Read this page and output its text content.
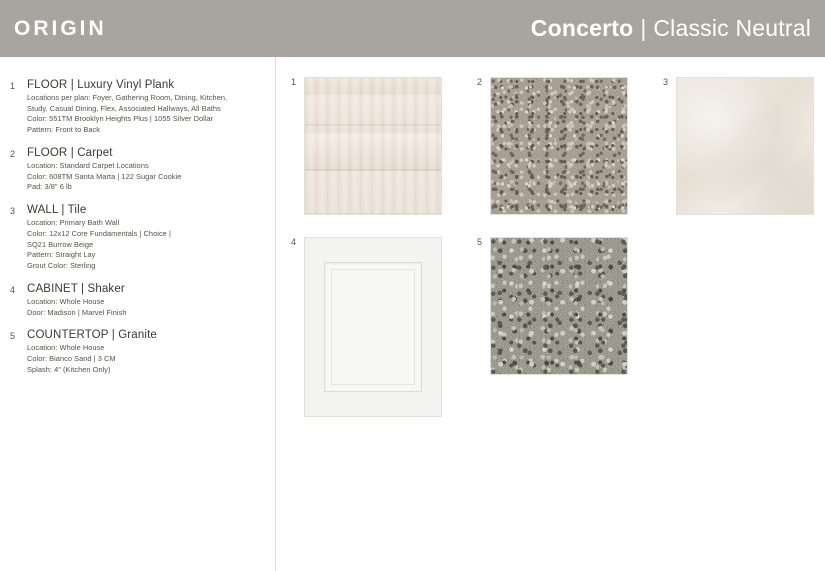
ORIGIN	Concerto | Classic Neutral
1	FLOOR | Luxury Vinyl Plank
Locations per plan: Foyer, Gathering Room, Dining, Kitchen,
Study, Casual Dining, Flex, Associated Hallways, All Baths
Color: 551TM Brooklyn Heights Plus | 1055 Silver Dollar
Pattern: Front to Back
2	FLOOR | Carpet
Location: Standard Carpet Locations
Color: 608TM Santa Marta | 122 Sugar Cookie
Pad: 3/8" 6 lb
3	WALL | Tile
Location: Primary Bath Wall
Color: 12x12 Core Fundamentals | Choice |
SQ21 Burrow Beige
Pattern: Straight Lay
Grout Color: Sterling
4	CABINET | Shaker
Location: Whole House
Door: Madison | Marvel Finish
5	COUNTERTOP | Granite
Location: Whole House
Color: Bianco Sand | 3 CM
Splash: 4" (Kitchen Only)
1	2	3
4	5
